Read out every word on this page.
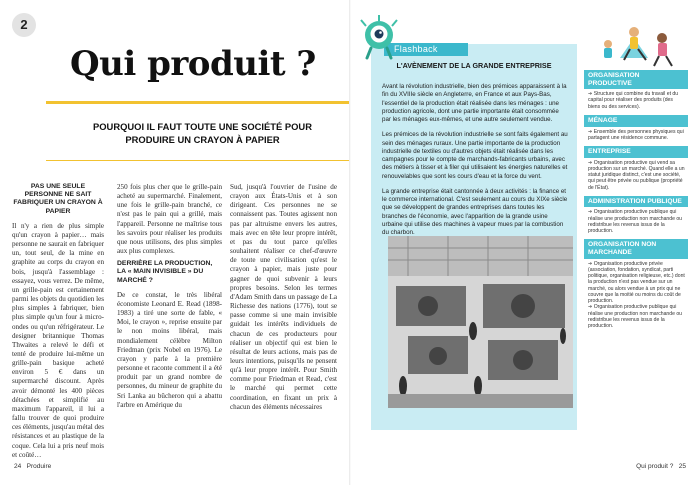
2
Qui produit ?
POURQUOI IL FAUT TOUTE UNE SOCIÉTÉ POUR PRODUIRE UN CRAYON À PAPIER
PAS UNE SEULE PERSONNE NE SAIT FABRIQUER UN CRAYON À PAPIER

Il n'y a rien de plus simple qu'un crayon à papier… mais personne ne saurait en fabriquer un, tout seul, de la mine en graphite au corps du crayon en bois, jusqu'à l'assemblage : essayez, vous verrez. De même, un grille-pain est certainement parmi les objets du quotidien les plus simples à fabriquer, bien plus simple qu'un four à micro-ondes ou qu'un réfrigérateur. Le designer britannique Thomas Thwaites a relevé le défi et tenté de produire lui-même un grille-pain basique acheté environ 5 € dans un supermarché discount. Après avoir démonté les 400 pièces détachées et simplifié au maximum l'appareil, il lui a fallu trouver de quoi produire ces éléments, jusqu'au métal des résistances et au plastique de la coque. Cela lui a pris neuf mois et coûté…

250 fois plus cher que le grille-pain acheté au supermarché. Finalement, une fois le grille-pain branché, ce n'est pas le pain qui a grillé, mais l'appareil. Personne ne maîtrise tous les savoirs pour réaliser les produits que nous utilisons, des plus simples aux plus complexes.

DERRIÈRE LA PRODUCTION, LA « MAIN INVISIBLE » DU MARCHÉ ?

De ce constat, le très libéral économiste Leonard E. Read (1898-1983) a tiré une sorte de fable, « Moi, le crayon », reprise ensuite par le non moins libéral, mais mondialement célèbre Milton Friedman (prix Nobel en 1976). Le crayon y parle à la première personne et raconte comment il a été produit par un grand nombre de personnes, du mineur de graphite du Sri Lanka au bûcheron qui a abattu l'arbre en Amérique du

Sud, jusqu'à l'ouvrier de l'usine de crayon aux États-Unis et à son dirigeant. Ces personnes ne se connaissent pas. Toutes agissent non pas par altruisme envers les autres, mais avec en tête leur propre intérêt, et pas du tout parce qu'elles souhaitent réaliser ce chef-d'œuvre de toute une civilisation qu'est le crayon à papier, mais juste pour gagner de quoi subvenir à leurs propres besoins. Selon les termes d'Adam Smith dans un passage de La Richesse des nations (1776), tout se passe comme si une main invisible guidait les intérêts individuels de chacun de ces producteurs pour réaliser un objectif qui est bien le résultat de leurs actions, mais pas de leurs intentions, puisqu'ils ne pensent qu'à leur propre intérêt. Pour Smith comme pour Friedman et Read, c'est le marché qui permet cette coordination, en fixant un prix à chacun des éléments nécessaires

24 Produire
Flashback
L'AVÈNEMENT DE LA GRANDE ENTREPRISE

Avant la révolution industrielle, bien des prémices apparaissent à la fin du XVIIIe siècle en Angleterre, en France et aux Pays-Bas, l'essentiel de la production était réalisée dans les ménages : une production agricole, dont une partie importante était consommée par les ménages eux-mêmes, et une autre seulement vendue.

Les prémices de la révolution industrielle se sont faits également au sein des ménages ruraux. Une partie importante de la production industrielle de textiles ou d'autres objets était réalisée dans les campagnes pour le compte de marchands-fabricants urbains, avec des métiers à tisser et à filer qui utilisaient les énergies naturelles et renouvelables que sont les cours d'eau et la force du vent.

La grande entreprise était cantonnée à deux activités : la finance et le commerce international. C'est seulement au cours du XIXe siècle que se développent de grandes entreprises dans toutes les branches de l'économie, avec l'apparition de la grande usine urbaine qui utilise des machines à vapeur mues par la combustion du charbon.

ORGANISATION PRODUCTIVE
➔ Structure qui combine du travail et du capital pour réaliser des produits (des biens ou des services).
MÉNAGE
➔ Ensemble des personnes physiques qui partagent une résidence commune.
ENTREPRISE
➔ Organisation productive qui vend sa production sur un marché. Quand elle a un statut juridique distinct, c'est une société, qui peut être privée ou publique (propriété de l'État).
ADMINISTRATION PUBLIQUE
➔ Organisation productive publique qui réalise une production non marchande ou redistribue les revenus issus de la production.
ORGANISATION NON MARCHANDE
➔ Organisation productive privée (association, fondation, syndicat, parti politique, organisation religieuse, etc.) dont la production n'est pas vendue sur un marché, ou alors vendue à un prix qui ne couvre que la moitié ou moins du coût de production.
➔ Organisation productive publique qui réalise une production non marchande ou redistribue les revenus issus de la production.
Qui produit ? 25
